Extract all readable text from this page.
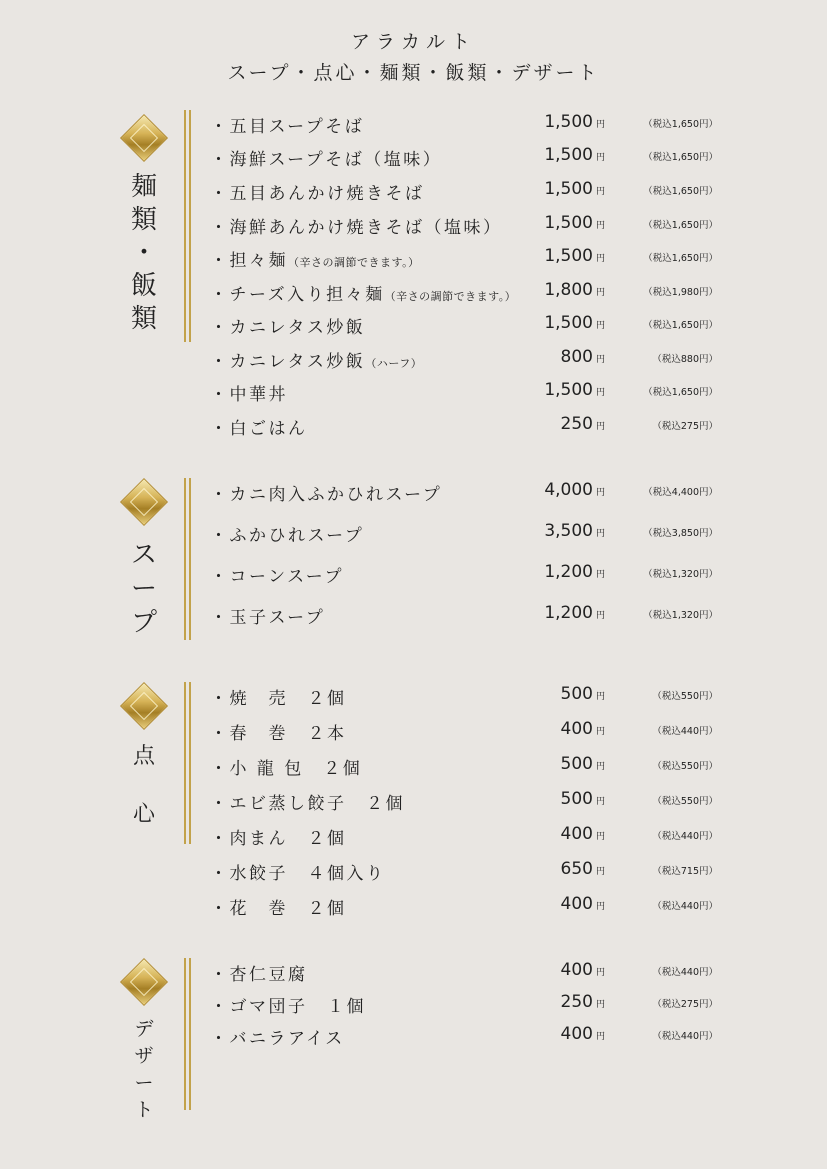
アラカルト
スープ・点心・麺類・飯類・デザート
麺
類
・
飯
類
・五目スープそば	1,500 円	（税込1,650円）
・海鮮スープそば（塩味）	1,500 円	（税込1,650円）
・五目あんかけ焼きそば	1,500 円	（税込1,650円）
・海鮮あんかけ焼きそば（塩味） 1,500 円	（税込1,650円）
・担々麺（辛さの調節できます。）	1,500 円	（税込1,650円）
・チーズ入り担々麺（辛さの調節できます。） 1,800 円	（税込1,980円）
・カニレタス炒飯	1,500 円	（税込1,650円）
・カニレタス炒飯（ハーフ）	800 円	（税込880円）
・中華丼	1,500 円	（税込1,650円）
・白ごはん	250 円	（税込275円）
ス
ー
プ
・カニ肉入ふかひれスープ	4,000 円	（税込4,400円）
・ふかひれスープ	3,500 円	（税込3,850円）
・コーンスープ	1,200 円	（税込1,320円）
・玉子スープ	1,200 円	（税込1,320円）
点
心
・焼　売　２個	500 円	（税込550円）
・春　巻　２本	400 円	（税込440円）
・小 龍 包　２個	500 円	（税込550円）
・エビ蒸し餃子　２個	500 円	（税込550円）
・肉まん　２個	400 円	（税込440円）
・水餃子　４個入り	650 円	（税込715円）
・花　巻　２個	400 円	（税込440円）
デ
ザ
ー
ト
・杏仁豆腐	400 円	（税込440円）
・ゴマ団子　１個	250 円	（税込275円）
・バニラアイス	400 円	（税込440円）
